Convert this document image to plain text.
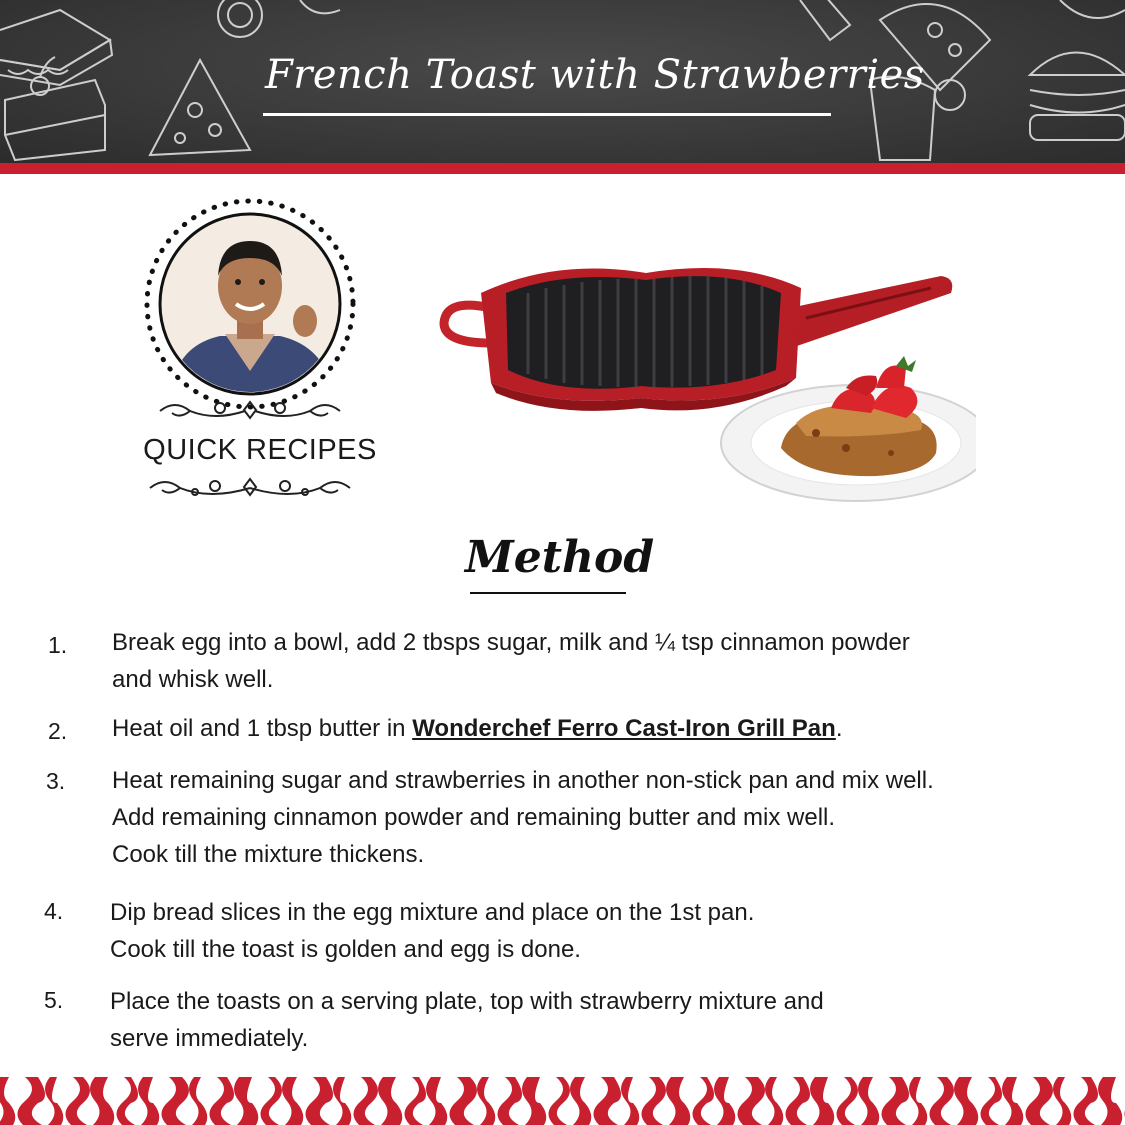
French Toast with Strawberries
QUICK RECIPES
Method
1.	Break egg into a bowl, add 2 tbsps sugar, milk and ¼ tsp cinnamon powder
and whisk well.
2.	Heat oil and 1 tbsp butter in Wonderchef Ferro Cast-Iron Grill Pan.
3.	Heat remaining sugar and strawberries in another non-stick pan and mix well.
Add remaining cinnamon powder and remaining butter and mix well.
Cook till the mixture thickens.
4.	Dip bread slices in the egg mixture and place on the 1st pan.
Cook till the toast is golden and egg is done.
5.	Place the toasts on a serving plate, top with strawberry mixture and
serve immediately.
